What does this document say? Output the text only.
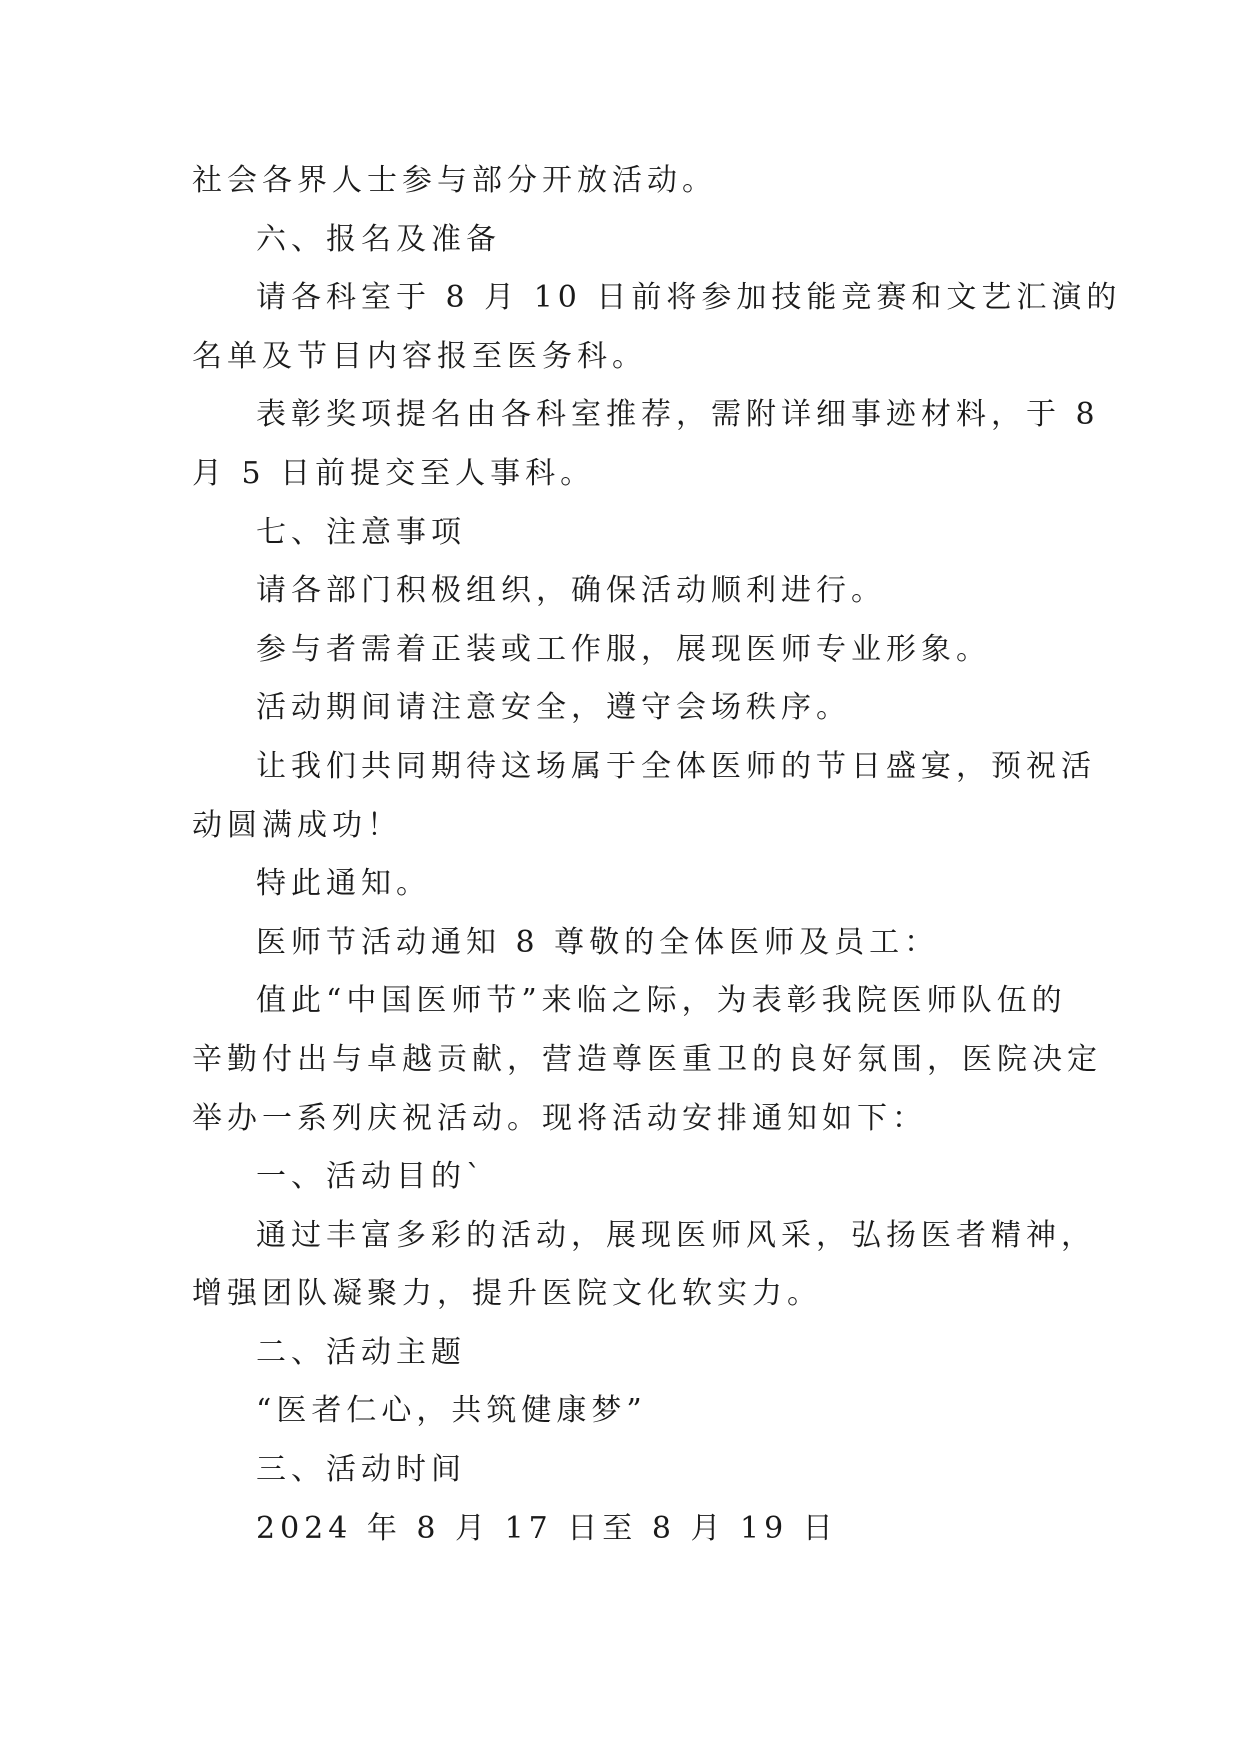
社会各界人士参与部分开放活动。

六、报名及准备

请各科室于 8 月 10 日前将参加技能竞赛和文艺汇演的

名单及节目内容报至医务科。

表彰奖项提名由各科室推荐，需附详细事迹材料，于 8

月 5 日前提交至人事科。

七、注意事项

请各部门积极组织，确保活动顺利进行。

参与者需着正装或工作服，展现医师专业形象。

活动期间请注意安全，遵守会场秩序。

让我们共同期待这场属于全体医师的节日盛宴，预祝活

动圆满成功！

特此通知。

医师节活动通知 8 尊敬的全体医师及员工：

值此“中国医师节”来临之际，为表彰我院医师队伍的

辛勤付出与卓越贡献，营造尊医重卫的良好氛围，医院决定

举办一系列庆祝活动。现将活动安排通知如下：

一、活动目的`

通过丰富多彩的活动，展现医师风采，弘扬医者精神，

增强团队凝聚力，提升医院文化软实力。

二、活动主题

“医者仁心，共筑健康梦”

三、活动时间

2024 年 8 月 17 日至 8 月 19 日
